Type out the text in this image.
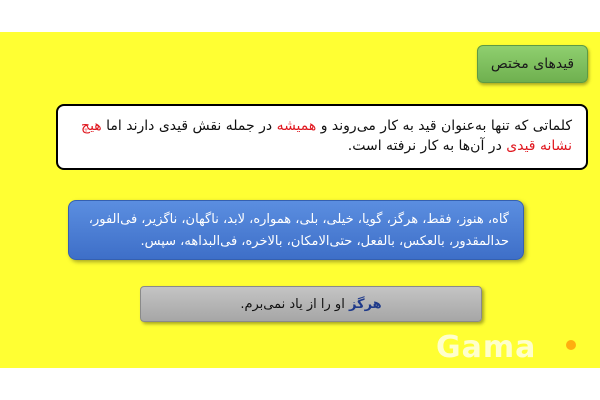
قیدهای مختص
کلماتی که تنها به‌عنوان قید به کار می‌روند و همیشه در جمله نقش قیدی دارند اما هیچ نشانه قیدی در آن‌ها به کار نرفته است.
گاه، هنوز، فقط، هرگز، گویا، خیلی، بلی، همواره، لابد، ناگهان، ناگزیر، فی‌الفور، حدالمقدور، بالعکس، بالفعل، حتی‌الامکان، بالاخره، فی‌البداهه، سپس.
هرگز او را از یاد نمی‌برم.
Gama
